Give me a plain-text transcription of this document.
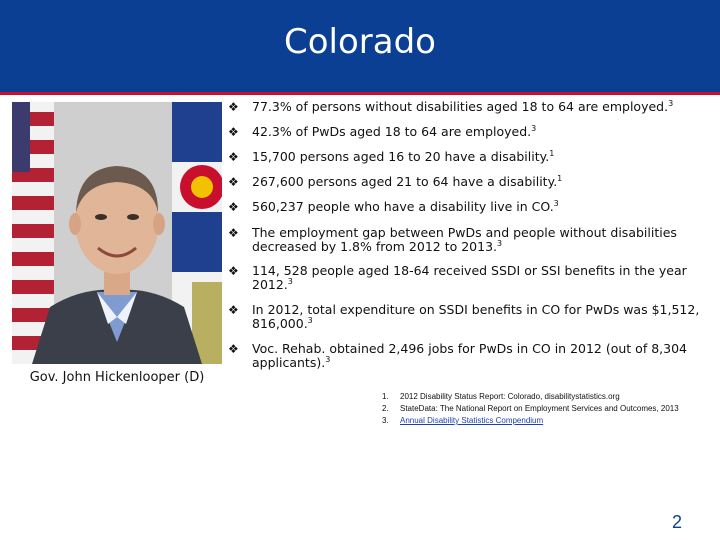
Colorado
Gov. John Hickenlooper (D)
❖ 77.3% of persons without disabilities aged 18 to 64 are employed.$^3$
❖ 42.3% of PwDs aged 18 to 64 are employed.$^3$
❖ 15,700 persons aged 16 to 20 have a disability.$^1$
❖ 267,600 persons aged 21 to 64 have a disability.$^1$
❖ 560,237 people who have a disability live in CO.$^3$
❖ The employment gap between PwDs and people without disabilities decreased by 1.8% from 2012 to 2013.$^3$
❖ 114, 528 people aged 18-64 received SSDI or SSI benefits in the year 2012.$^3$
❖ In 2012, total expenditure on SSDI benefits in CO for PwDs was $1,512, 816,000.$^3$
❖ Voc. Rehab. obtained 2,496 jobs for PwDs in CO in 2012 (out of 8,304 applicants).$^3$
1. 2012 Disability Status Report: Colorado, disabilitystatistics.org
2. StateData: The National Report on Employment Services and Outcomes, 2013
3. Annual Disability Statistics Compendium
2
